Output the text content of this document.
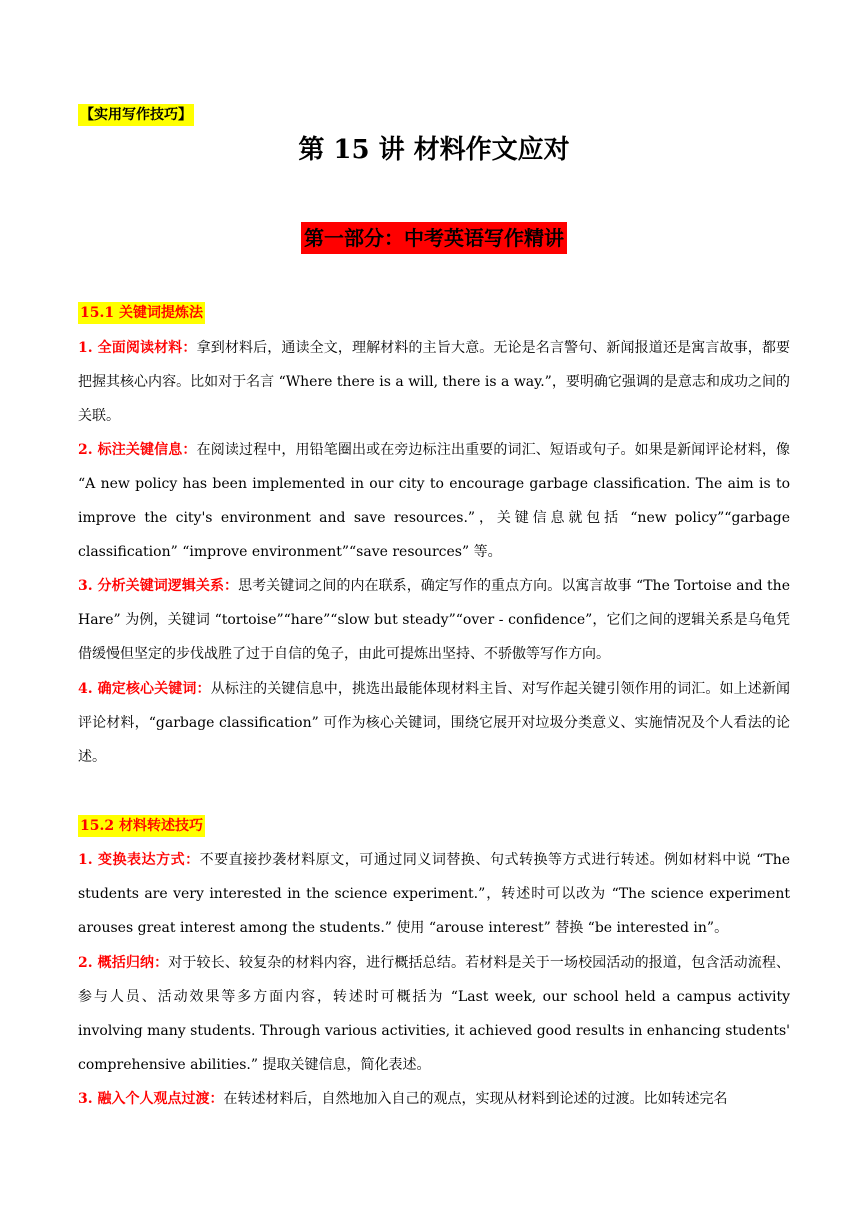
【实用写作技巧】
第 15 讲 材料作文应对
第一部分：中考英语写作精讲
15.1 关键词提炼法
1. 全面阅读材料：拿到材料后，通读全文，理解材料的主旨大意。无论是名言警句、新闻报道还是寓言故事，都要把握其核心内容。比如对于名言 “Where there is a will, there is a way.”，要明确它强调的是意志和成功之间的关联。
2. 标注关键信息：在阅读过程中，用铅笔圈出或在旁边标注出重要的词汇、短语或句子。如果是新闻评论材料，像 “A new policy has been implemented in our city to encourage garbage classification. The aim is to improve the city's environment and save resources.”，关键信息就包括 “new policy”“garbage classification” “improve environment”“save resources” 等。
3. 分析关键词逻辑关系：思考关键词之间的内在联系，确定写作的重点方向。以寓言故事 “The Tortoise and the Hare” 为例，关键词 “tortoise”“hare”“slow but steady”“over - confidence”，它们之间的逻辑关系是乌龟凭借缓慢但坚定的步伐战胜了过于自信的兔子，由此可提炼出坚持、不骄傲等写作方向。
4. 确定核心关键词：从标注的关键信息中，挑选出最能体现材料主旨、对写作起关键引领作用的词汇。如上述新闻评论材料，“garbage classification” 可作为核心关键词，围绕它展开对垃圾分类意义、实施情况及个人看法的论述。
15.2 材料转述技巧
1. 变换表达方式：不要直接抄袭材料原文，可通过同义词替换、句式转换等方式进行转述。例如材料中说 “The students are very interested in the science experiment.”，转述时可以改为 “The science experiment arouses great interest among the students.” 使用 “arouse interest” 替换 “be interested in”。
2. 概括归纳：对于较长、较复杂的材料内容，进行概括总结。若材料是关于一场校园活动的报道，包含活动流程、参与人员、活动效果等多方面内容，转述时可概括为 “Last week, our school held a campus activity involving many students. Through various activities, it achieved good results in enhancing students' comprehensive abilities.” 提取关键信息，简化表述。
3. 融入个人观点过渡：在转述材料后，自然地加入自己的观点，实现从材料到论述的过渡。比如转述完名
